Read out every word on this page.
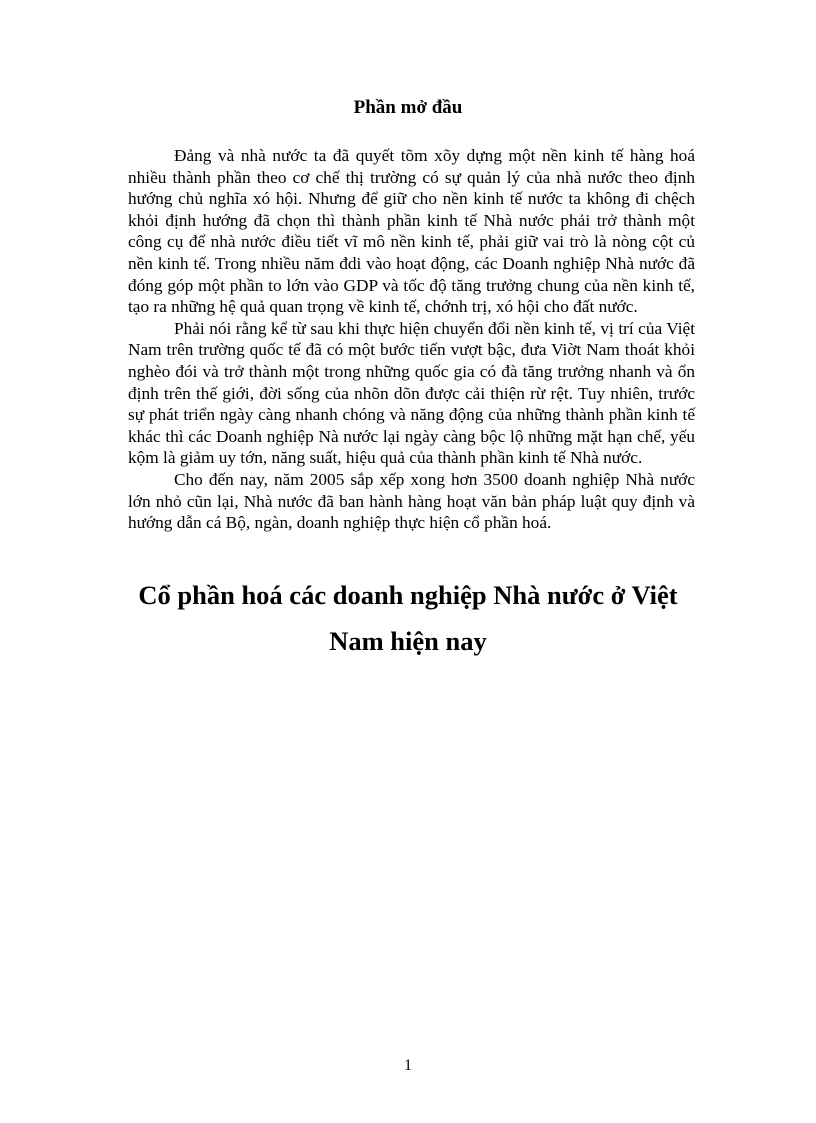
Phần mở đầu

Đảng và nhà nước ta đã quyết tõm xõy dựng một nền kinh tế hàng hoá nhiều thành phần theo cơ chế thị trường có sự quản lý của nhà nước theo định hướng chủ nghĩa xó hội. Nhưng để giữ cho nền kinh tế nước ta không đi chệch khỏi định hướng đã chọn thì thành phần kinh tế Nhà nước phải trở thành một công cụ để nhà nước điều tiết vĩ mô nền kinh tế, phải giữ vai trò là nòng cột củ nền kinh tế. Trong nhiều năm đdi vào hoạt động, các Doanh nghiệp Nhà nước đã đóng góp một phần to lớn vào GDP và tốc độ tăng trưởng chung của nền kinh tế, tạo ra những hệ quả quan trọng về kinh tế, chớnh trị, xó hội cho đất nước.

Phải nói rằng kể từ sau khi thực hiện chuyển đổi nền kinh tế, vị trí của Việt Nam trên trường quốc tế đã có một bước tiến vượt bậc, đưa Viờt Nam thoát khỏi nghèo đói và trở thành một trong những quốc gia có đà tăng trưởng nhanh và ổn định trên thế giới, đời sống của nhõn dõn được cải thiện rừ rệt. Tuy nhiên, trước sự phát triển ngày càng nhanh chóng và năng động của những thành phần kinh tế khác thì các Doanh nghiệp Nà nước lại ngày càng bộc lộ những mặt hạn chế, yếu kộm là giảm uy tớn, năng suất, hiệu quả của thành phần kinh tế Nhà nước.

Cho đến nay, năm 2005 sắp xếp xong hơn 3500 doanh nghiệp Nhà nước lớn nhỏ cũn lại, Nhà nước đã ban hành hàng hoạt văn bản pháp luật quy định và hướng dẫn cá Bộ, ngàn, doanh nghiệp thực hiện cổ phần hoá.

Cổ phần hoá các doanh nghiệp Nhà nước ở Việt Nam hiện nay
1
